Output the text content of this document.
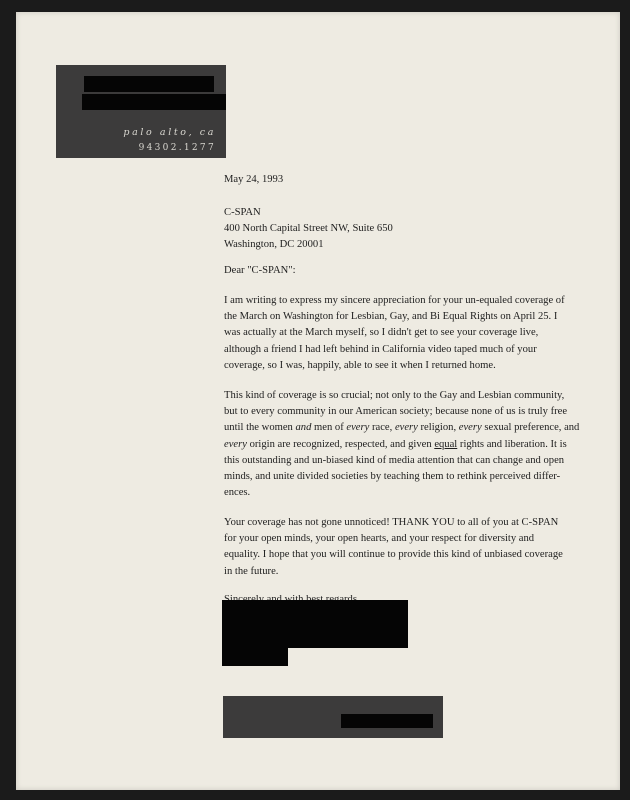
palo alto, ca
94302.1277

May 24, 1993

C-SPAN
400 North Capital Street NW, Suite 650
Washington, DC 20001

Dear "C-SPAN":

I am writing to express my sincere appreciation for your un-equaled coverage of
the March on Washington for Lesbian, Gay, and Bi Equal Rights on April 25. I
was actually at the March myself, so I didn't get to see your coverage live,
although a friend I had left behind in California video taped much of your
coverage, so I was, happily, able to see it when I returned home.
This kind of coverage is so crucial; not only to the Gay and Lesbian community,
but to every community in our American society; because none of us is truly free
until the women and men of every race, every religion, every sexual preference, and
every origin are recognized, respected, and given equal rights and liberation. It is
this outstanding and un-biased kind of media attention that can change and open
minds, and unite divided societies by teaching them to rethink perceived differ-
ences.
Your coverage has not gone unnoticed! THANK YOU to all of you at C-SPAN
for your open minds, your open hearts, and your respect for diversity and
equality. I hope that you will continue to provide this kind of unbiased coverage
in the future.
